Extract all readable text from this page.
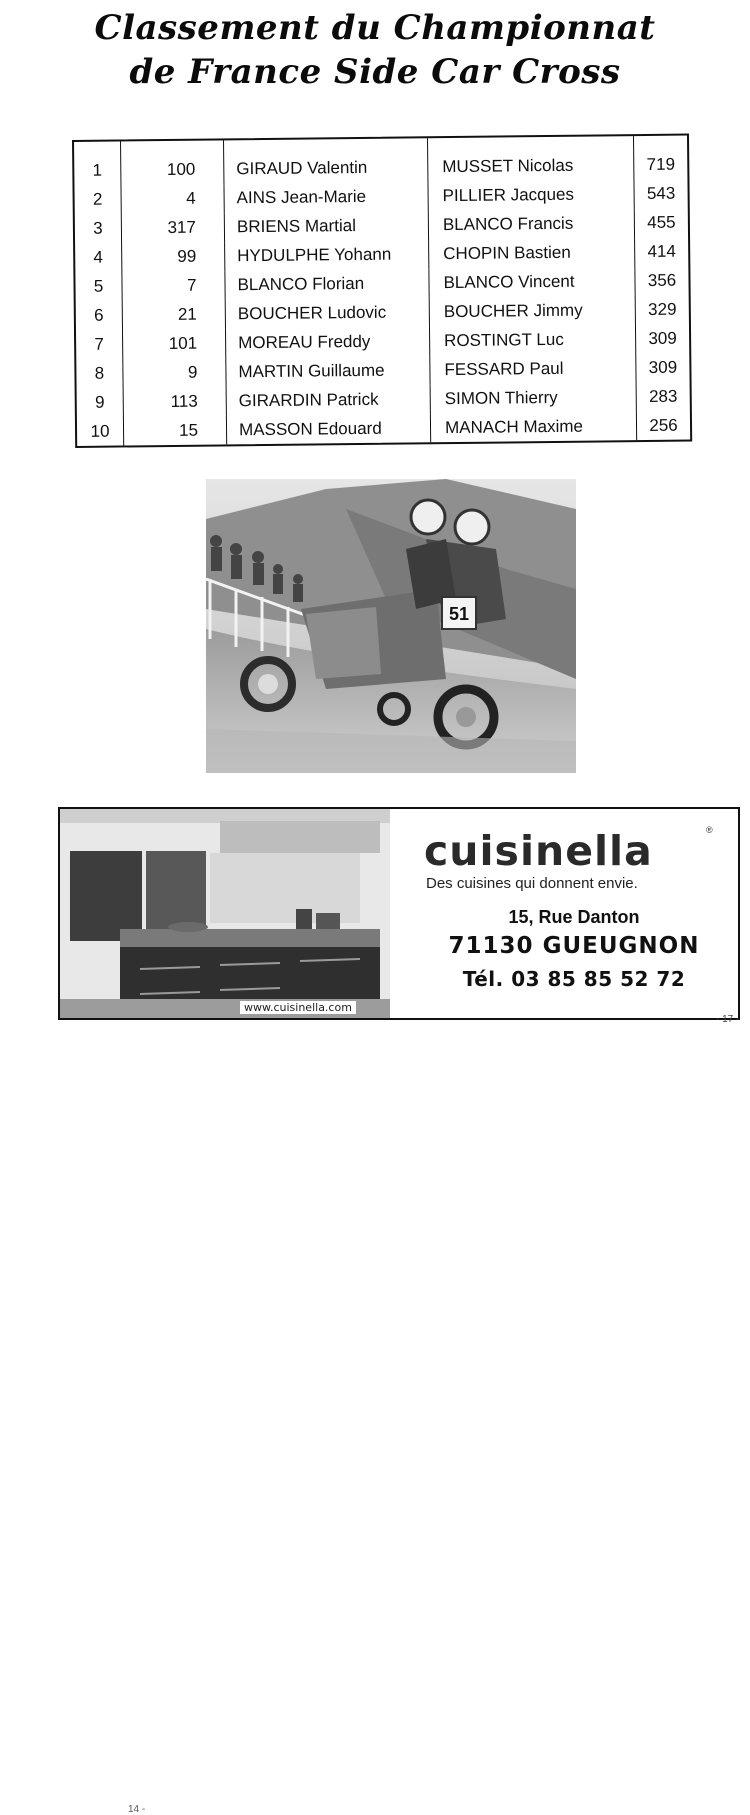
Classement du Championnat
de France Side Car Cross
1	100	GIRAUD Valentin	MUSSET Nicolas	719
2	4	AINS Jean-Marie	PILLIER Jacques	543
3	317	BRIENS Martial	BLANCO Francis	455
4	99	HYDULPHE Yohann	CHOPIN Bastien	414
5	7	BLANCO Florian	BLANCO Vincent	356
6	21	BOUCHER Ludovic	BOUCHER Jimmy	329
7	101	MOREAU Freddy	ROSTINGT Luc	309
8	9	MARTIN Guillaume	FESSARD Paul	309
9	113	GIRARDIN Patrick	SIMON Thierry	283
10	15	MASSON Edouard	MANACH Maxime	256
51
www.cuisinella.com
cuisinella	®
Des cuisines qui donnent envie.
15, Rue Danton
71130 GUEUGNON
Tél. 03 85 85 52 72
14 -
- 17 -
